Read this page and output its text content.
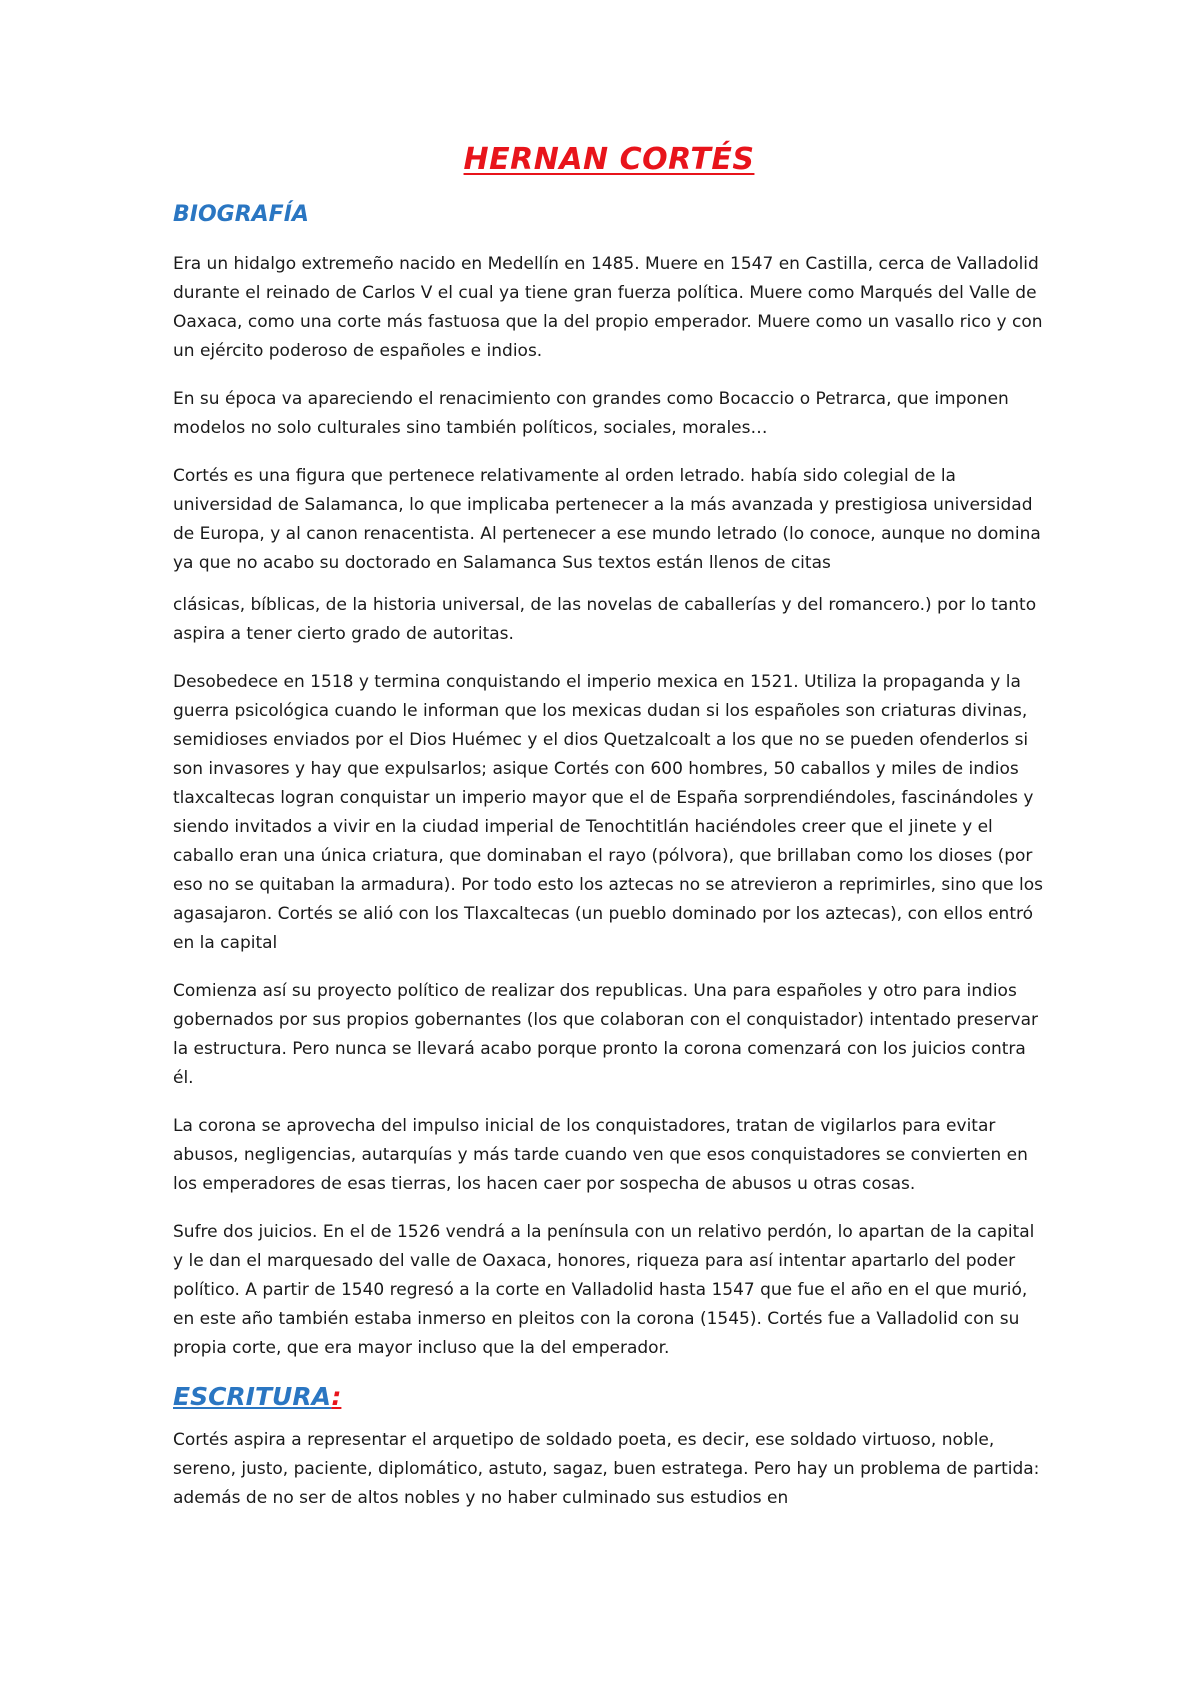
HERNAN CORTÉS
BIOGRAFÍA

Era un hidalgo extremeño nacido en Medellín en 1485. Muere en 1547 en Castilla, cerca de Valladolid durante el reinado de Carlos V el cual ya tiene gran fuerza política. Muere como Marqués del Valle de Oaxaca, como una corte más fastuosa que la del propio emperador. Muere como un vasallo rico y con un ejército poderoso de españoles e indios.

En su época va apareciendo el renacimiento con grandes como Bocaccio o Petrarca, que imponen modelos no solo culturales sino también políticos, sociales, morales…

Cortés es una figura que pertenece relativamente al orden letrado. había sido colegial de la universidad de Salamanca, lo que implicaba pertenecer a la más avanzada y prestigiosa universidad de Europa, y al canon renacentista. Al pertenecer a ese mundo letrado (lo conoce, aunque no domina ya que no acabo su doctorado en Salamanca Sus textos están llenos de citas

clásicas, bíblicas, de la historia universal, de las novelas de caballerías y del romancero.) por lo tanto aspira a tener cierto grado de autoritas.

Desobedece en 1518 y termina conquistando el imperio mexica en 1521. Utiliza la propaganda y la guerra psicológica cuando le informan que los mexicas dudan si los españoles son criaturas divinas, semidioses enviados por el Dios Huémec y el dios Quetzalcoalt a los que no se pueden ofenderlos si son invasores y hay que expulsarlos; asique Cortés con 600 hombres, 50 caballos y miles de indios tlaxcaltecas logran conquistar un imperio mayor que el de España sorprendiéndoles, fascinándoles y siendo invitados a vivir en la ciudad imperial de Tenochtitlán haciéndoles creer que el jinete y el caballo eran una única criatura, que dominaban el rayo (pólvora), que brillaban como los dioses (por eso no se quitaban la armadura). Por todo esto los aztecas no se atrevieron a reprimirles, sino que los agasajaron. Cortés se alió con los Tlaxcaltecas (un pueblo dominado por los aztecas), con ellos entró en la capital

Comienza así su proyecto político de realizar dos republicas. Una para españoles y otro para indios gobernados por sus propios gobernantes (los que colaboran con el conquistador) intentado preservar la estructura. Pero nunca se llevará acabo porque pronto la corona comenzará con los juicios contra él.

La corona se aprovecha del impulso inicial de los conquistadores, tratan de vigilarlos para evitar abusos, negligencias, autarquías y más tarde cuando ven que esos conquistadores se convierten en los emperadores de esas tierras, los hacen caer por sospecha de abusos u otras cosas.

Sufre dos juicios. En el de 1526 vendrá a la península con un relativo perdón, lo apartan de la capital y le dan el marquesado del valle de Oaxaca, honores, riqueza para así intentar apartarlo del poder político. A partir de 1540 regresó a la corte en Valladolid hasta 1547 que fue el año en el que murió, en este año también estaba inmerso en pleitos con la corona (1545). Cortés fue a Valladolid con su propia corte, que era mayor incluso que la del emperador.

ESCRITURA:

Cortés aspira a representar el arquetipo de soldado poeta, es decir, ese soldado virtuoso, noble, sereno, justo, paciente, diplomático, astuto, sagaz, buen estratega. Pero hay un problema de partida: además de no ser de altos nobles y no haber culminado sus estudios en
